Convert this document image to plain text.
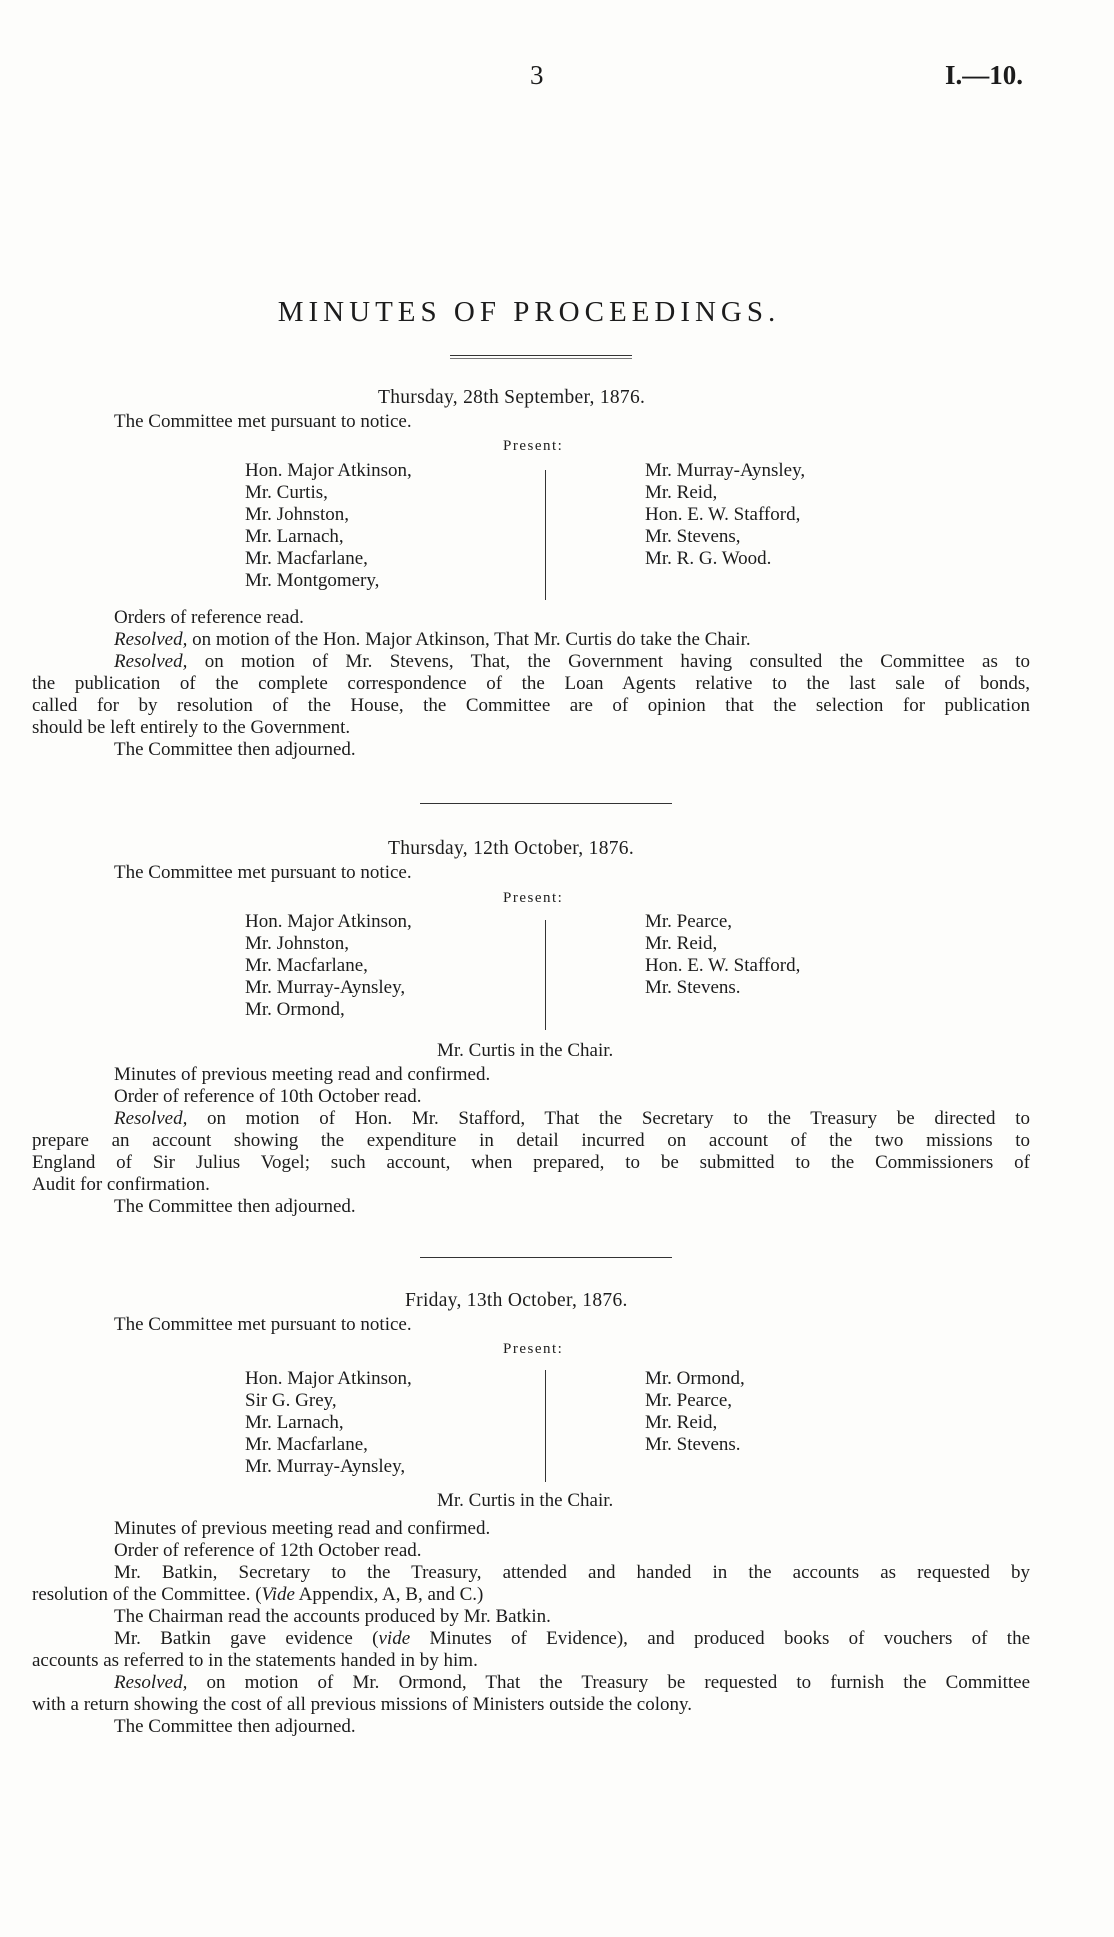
3	I.—10.
MINUTES OF PROCEEDINGS.
Thursday, 28th September, 1876.
The Committee met pursuant to notice.
Present:
Hon. Major Atkinson,
Mr. Curtis,
Mr. Johnston,
Mr. Larnach,
Mr. Macfarlane,
Mr. Montgomery,
Mr. Murray-Aynsley,
Mr. Reid,
Hon. E. W. Stafford,
Mr. Stevens,
Mr. R. G. Wood.
Orders of reference read.
Resolved, on motion of the Hon. Major Atkinson, That Mr. Curtis do take the Chair.
Resolved, on motion of Mr. Stevens, That, the Government having consulted the Committee as to
the publication of the complete correspondence of the Loan Agents relative to the last sale of bonds,
called for by resolution of the House, the Committee are of opinion that the selection for publication
should be left entirely to the Government.
The Committee then adjourned.
Thursday, 12th October, 1876.
The Committee met pursuant to notice.
Present:
Hon. Major Atkinson,
Mr. Johnston,
Mr. Macfarlane,
Mr. Murray-Aynsley,
Mr. Ormond,
Mr. Pearce,
Mr. Reid,
Hon. E. W. Stafford,
Mr. Stevens.
Mr. Curtis in the Chair.
Minutes of previous meeting read and confirmed.
Order of reference of 10th October read.
Resolved, on motion of Hon. Mr. Stafford, That the Secretary to the Treasury be directed to
prepare an account showing the expenditure in detail incurred on account of the two missions to
England of Sir Julius Vogel; such account, when prepared, to be submitted to the Commissioners of
Audit for confirmation.
The Committee then adjourned.
Friday, 13th October, 1876.
The Committee met pursuant to notice.
Present:
Hon. Major Atkinson,
Sir G. Grey,
Mr. Larnach,
Mr. Macfarlane,
Mr. Murray-Aynsley,
Mr. Ormond,
Mr. Pearce,
Mr. Reid,
Mr. Stevens.
Mr. Curtis in the Chair.
Minutes of previous meeting read and confirmed.
Order of reference of 12th October read.
Mr. Batkin, Secretary to the Treasury, attended and handed in the accounts as requested by
resolution of the Committee. (Vide Appendix, A, B, and C.)
The Chairman read the accounts produced by Mr. Batkin.
Mr. Batkin gave evidence (vide Minutes of Evidence), and produced books of vouchers of the
accounts as referred to in the statements handed in by him.
Resolved, on motion of Mr. Ormond, That the Treasury be requested to furnish the Committee
with a return showing the cost of all previous missions of Ministers outside the colony.
The Committee then adjourned.
